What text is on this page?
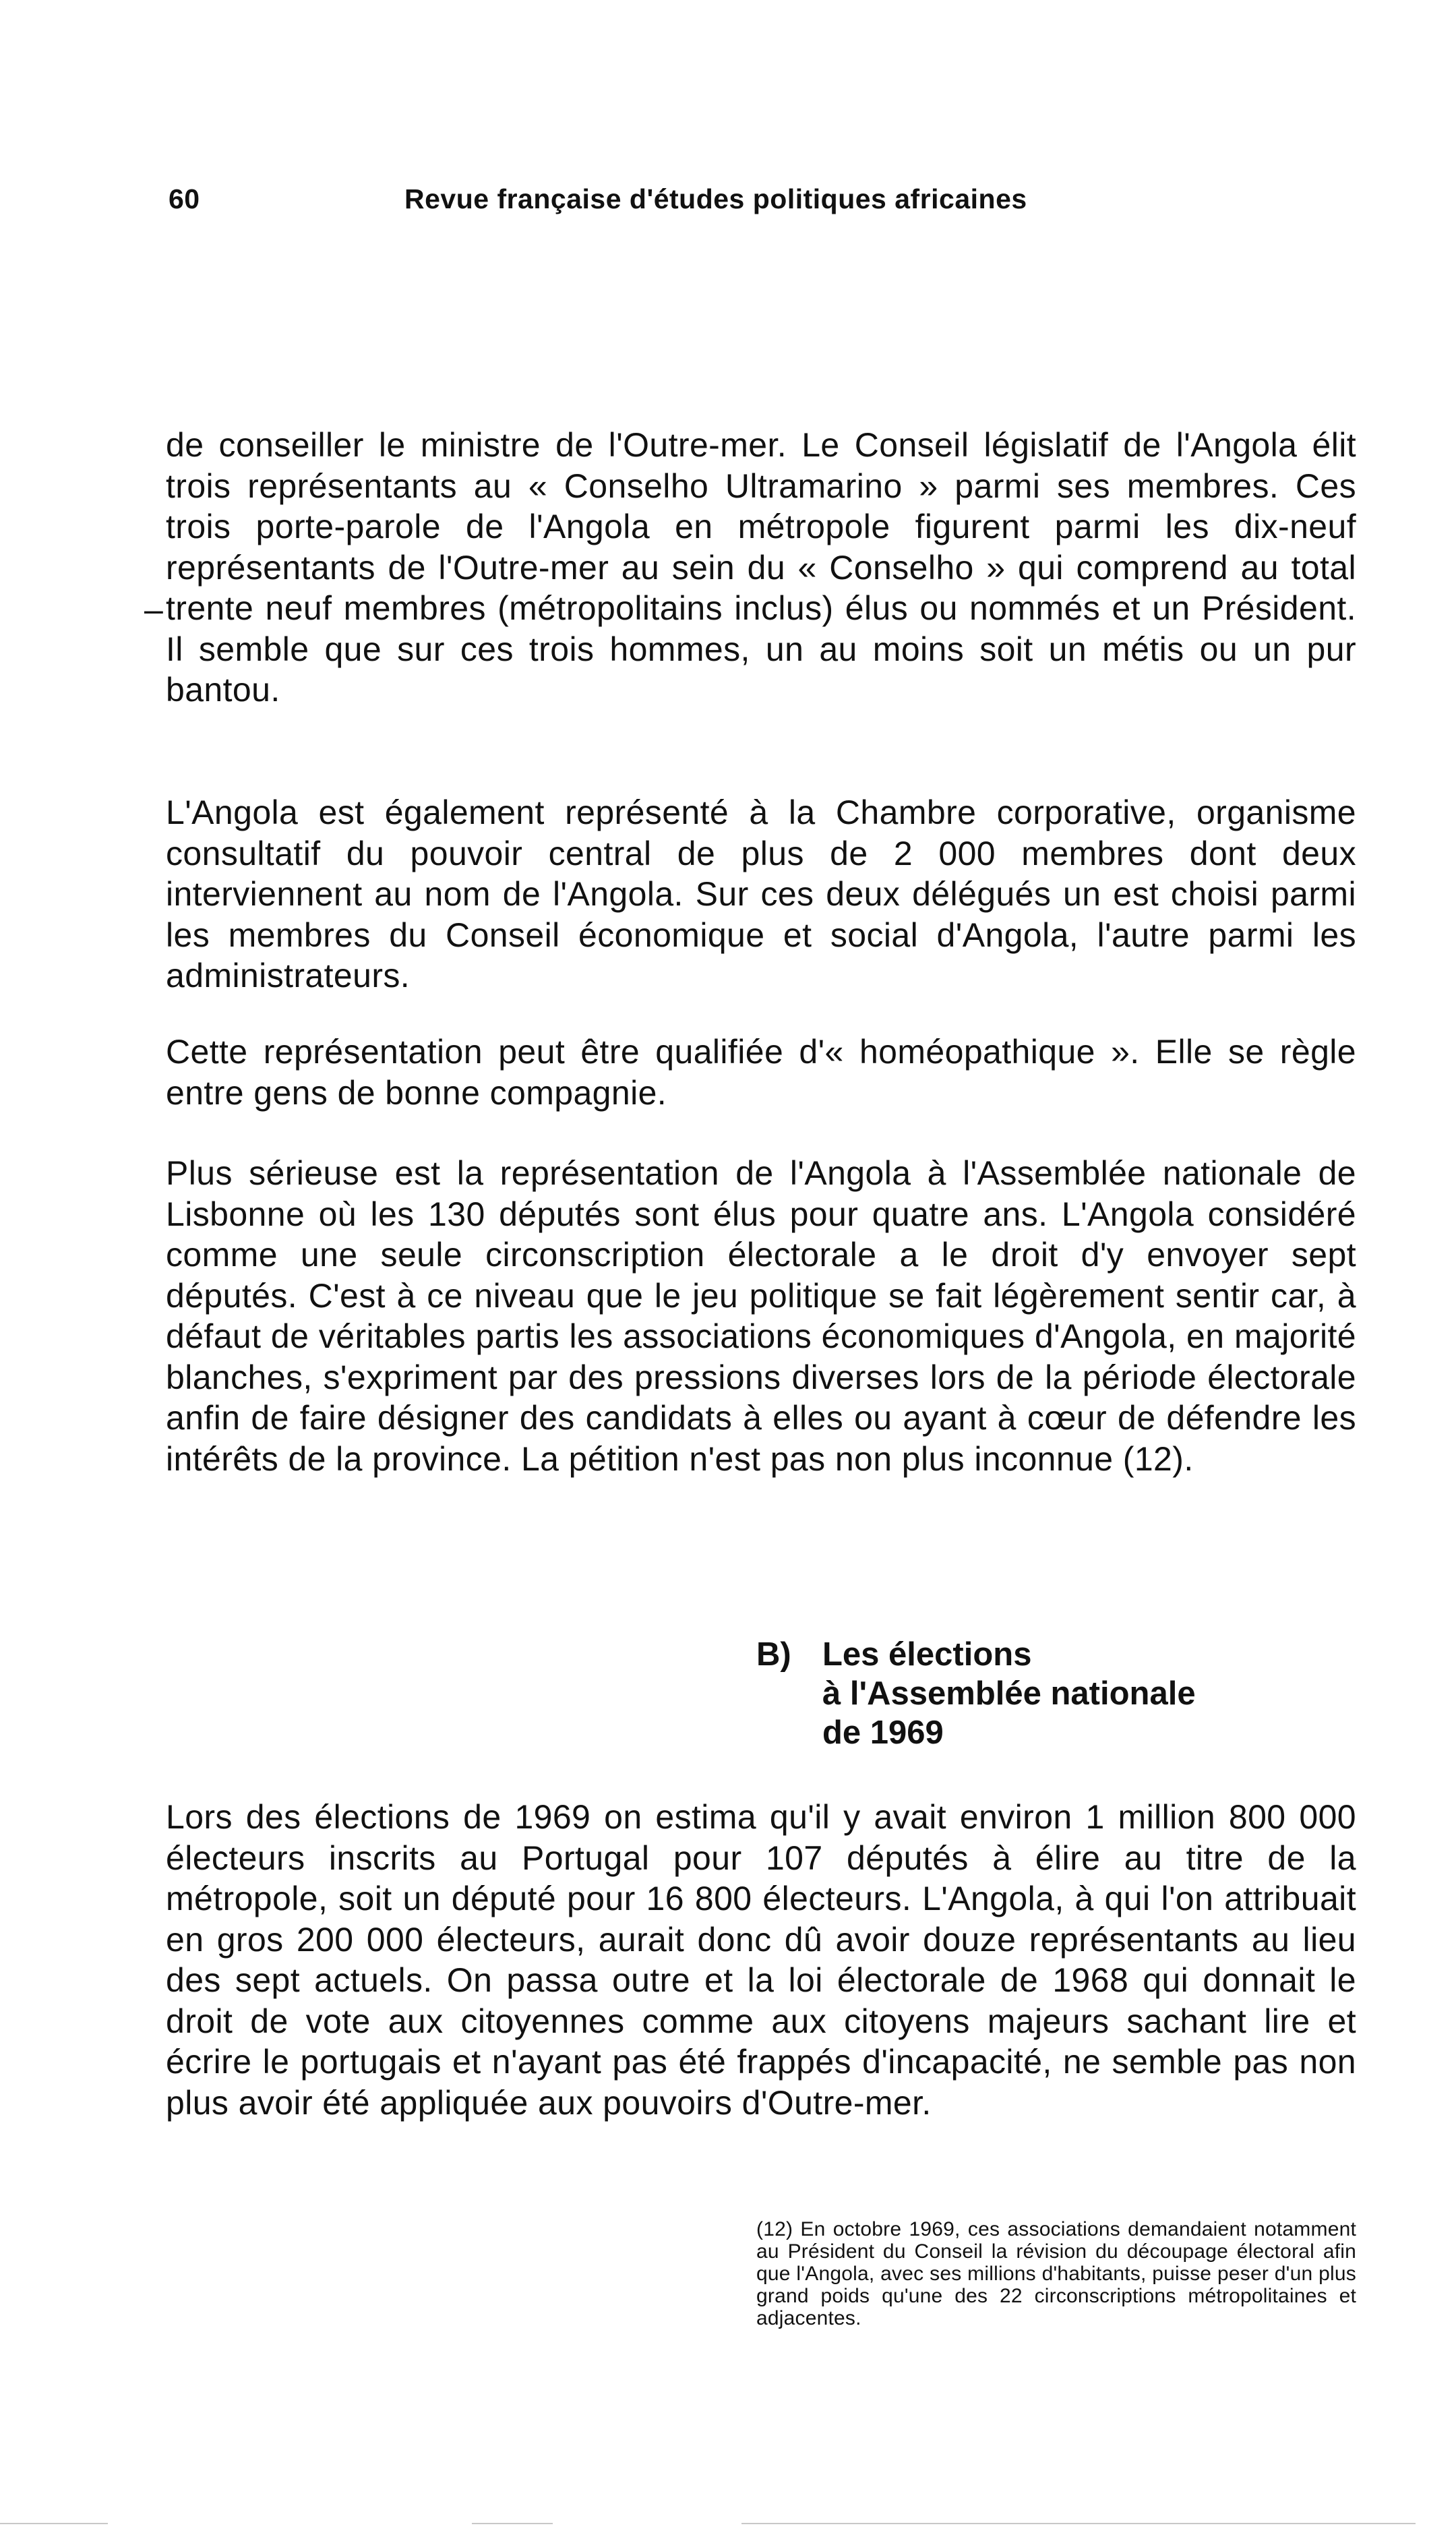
60	Revue française d'études politiques africaines
–

de conseiller le ministre de l'Outre-mer. Le Conseil législatif de l'Angola élit trois représentants au « Conselho Ultramarino » parmi ses membres. Ces trois porte-parole de l'Angola en métropole figurent parmi les dix-neuf représentants de l'Outre-mer au sein du « Conselho » qui comprend au total trente neuf membres (métropolitains inclus) élus ou nommés et un Président. Il semble que sur ces trois hommes, un au moins soit un métis ou un pur bantou.

L'Angola est également représenté à la Chambre corporative, organisme consultatif du pouvoir central de plus de 2 000 membres dont deux interviennent au nom de l'Angola. Sur ces deux délégués un est choisi parmi les membres du Conseil économique et social d'Angola, l'autre parmi les administrateurs.

Cette représentation peut être qualifiée d'« homéopathique ». Elle se règle entre gens de bonne compagnie.

Plus sérieuse est la représentation de l'Angola à l'Assemblée nationale de Lisbonne où les 130 députés sont élus pour quatre ans. L'Angola considéré comme une seule circonscription électorale a le droit d'y envoyer sept députés. C'est à ce niveau que le jeu politique se fait légèrement sentir car, à défaut de véritables partis les associations économiques d'Angola, en majorité blanches, s'expriment par des pressions diverses lors de la période électorale anfin de faire désigner des candidats à elles ou ayant à cœur de défendre les intérêts de la province. La pétition n'est pas non plus inconnue (12).

B) Les élections
à l'Assemblée nationale
de 1969

Lors des élections de 1969 on estima qu'il y avait environ 1 million 800 000 électeurs inscrits au Portugal pour 107 députés à élire au titre de la métropole, soit un député pour 16 800 électeurs. L'Angola, à qui l'on attribuait en gros 200 000 électeurs, aurait donc dû avoir douze représentants au lieu des sept actuels. On passa outre et la loi électorale de 1968 qui donnait le droit de vote aux citoyennes comme aux citoyens majeurs sachant lire et écrire le portugais et n'ayant pas été frappés d'incapacité, ne semble pas non plus avoir été appliquée aux pouvoirs d'Outre-mer.

(12) En octobre 1969, ces associations demandaient notamment au Président du Conseil la révision du découpage électoral afin que l'Angola, avec ses millions d'habitants, puisse peser d'un plus grand poids qu'une des 22 circonscriptions métropolitaines et adjacentes.
